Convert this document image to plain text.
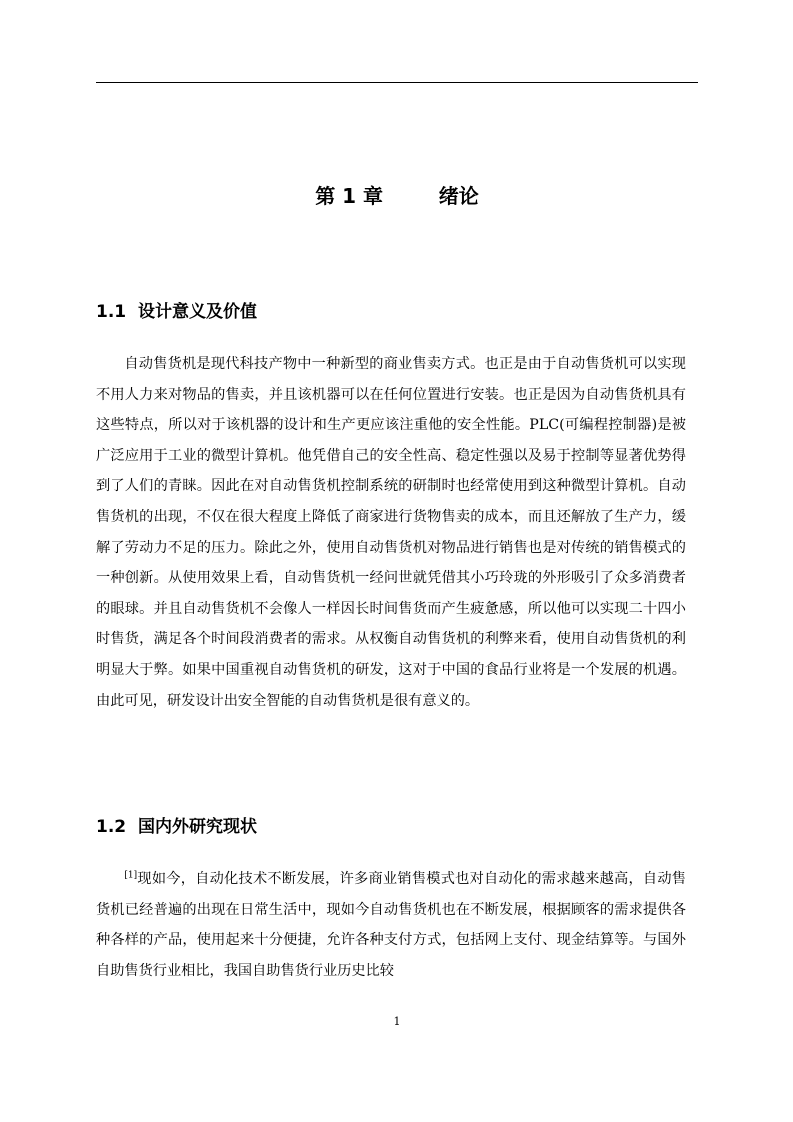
第 1 章        绪论
1.1  设计意义及价值

自动售货机是现代科技产物中一种新型的商业售卖方式。也正是由于自动售货机可以实现不用人力来对物品的售卖，并且该机器可以在任何位置进行安装。也正是因为自动售货机具有这些特点，所以对于该机器的设计和生产更应该注重他的安全性能。PLC(可编程控制器)是被广泛应用于工业的微型计算机。他凭借自己的安全性高、稳定性强以及易于控制等显著优势得到了人们的青睐。因此在对自动售货机控制系统的研制时也经常使用到这种微型计算机。自动售货机的出现，不仅在很大程度上降低了商家进行货物售卖的成本，而且还解放了生产力，缓解了劳动力不足的压力。除此之外，使用自动售货机对物品进行销售也是对传统的销售模式的一种创新。从使用效果上看，自动售货机一经问世就凭借其小巧玲珑的外形吸引了众多消费者的眼球。并且自动售货机不会像人一样因长时间售货而产生疲惫感，所以他可以实现二十四小时售货，满足各个时间段消费者的需求。从权衡自动售货机的利弊来看，使用自动售货机的利明显大于弊。如果中国重视自动售货机的研发，这对于中国的食品行业将是一个发展的机遇。由此可见，研发设计出安全智能的自动售货机是很有意义的。

1.2  国内外研究现状

[1]现如今，自动化技术不断发展，许多商业销售模式也对自动化的需求越来越高，自动售货机已经普遍的出现在日常生活中，现如今自动售货机也在不断发展，根据顾客的需求提供各种各样的产品，使用起来十分便捷，允许各种支付方式，包括网上支付、现金结算等。与国外自助售货行业相比，我国自助售货行业历史比较

1
